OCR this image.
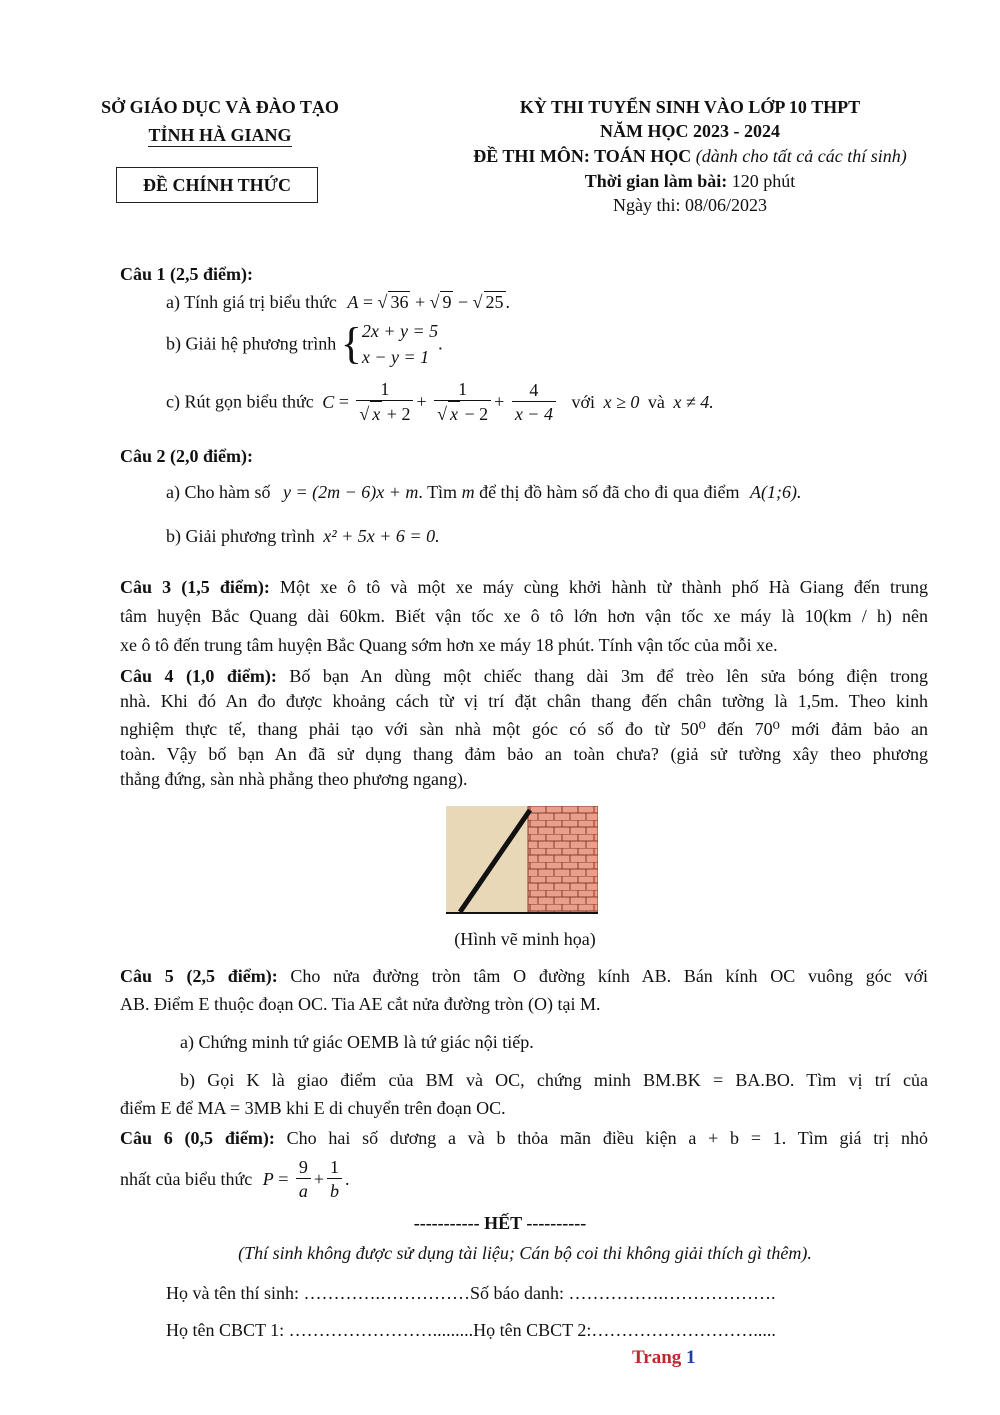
SỞ GIÁO DỤC VÀ ĐÀO TẠO
TỈNH HÀ GIANG
ĐỀ CHÍNH THỨC
KỲ THI TUYỂN SINH VÀO LỚP 10 THPT
NĂM HỌC 2023 - 2024
ĐỀ THI MÔN: TOÁN HỌC (dành cho tất cả các thí sinh)
Thời gian làm bài: 120 phút
Ngày thi: 08/06/2023
Câu 1 (2,5 điểm):
a) Tính giá trị biểu thức A = √ 36 + √ 9 − √ 25 .
b) Giải hệ phương trình {2x + y = 5
x − y = 1.
c) Rút gọn biểu thức $C = \frac{1}{√ x + 2} + \frac{1}{√ x - 2} + \frac{4}{x - 4}$ với x ≥ 0 và x ≠ 4.
Câu 2 (2,0 điểm):
a) Cho hàm số y = (2m − 6)x + m. Tìm m để thị đồ hàm số đã cho đi qua điểm A(1;6).
b) Giải phương trình x² + 5x + 6 = 0.
Câu 3 (1,5 điểm): Một xe ô tô và một xe máy cùng khởi hành từ thành phố Hà Giang đến trung
tâm huyện Bắc Quang dài 60km. Biết vận tốc xe ô tô lớn hơn vận tốc xe máy là 10(km / h) nên
xe ô tô đến trung tâm huyện Bắc Quang sớm hơn xe máy 18 phút. Tính vận tốc của mỗi xe.
Câu 4 (1,0 điểm): Bố bạn An dùng một chiếc thang dài 3m để trèo lên sửa bóng điện trong
nhà. Khi đó An đo được khoảng cách từ vị trí đặt chân thang đến chân tường là 1,5m. Theo kinh
nghiệm thực tế, thang phải tạo với sàn nhà một góc có số đo từ 50⁰ đến 70⁰ mới đảm bảo an
toàn. Vậy bố bạn An đã sử dụng thang đảm bảo an toàn chưa? (giả sử tường xây theo phương
thẳng đứng, sàn nhà phẳng theo phương ngang).
(Hình vẽ minh họa)
Câu 5 (2,5 điểm): Cho nửa đường tròn tâm O đường kính AB. Bán kính OC vuông góc với
AB. Điểm E thuộc đoạn OC. Tia AE cắt nửa đường tròn (O) tại M.
a) Chứng minh tứ giác OEMB là tứ giác nội tiếp.
b) Gọi K là giao điểm của BM và OC, chứng minh BM.BK = BA.BO. Tìm vị trí của
điểm E để MA = 3MB khi E di chuyển trên đoạn OC.
Câu 6 (0,5 điểm): Cho hai số dương a và b thỏa mãn điều kiện a + b = 1. Tìm giá trị nhỏ
nhất của biểu thức $P = \frac{9}{a} + \frac{1}{b}$ .
----------- HẾT ----------
(Thí sinh không được sử dụng tài liệu; Cán bộ coi thi không giải thích gì thêm).
Họ và tên thí sinh: ………….……………Số báo danh: …………….……………….
Họ tên CBCT 1: …………………….........Họ tên CBCT 2:……………………….....
Trang 1
